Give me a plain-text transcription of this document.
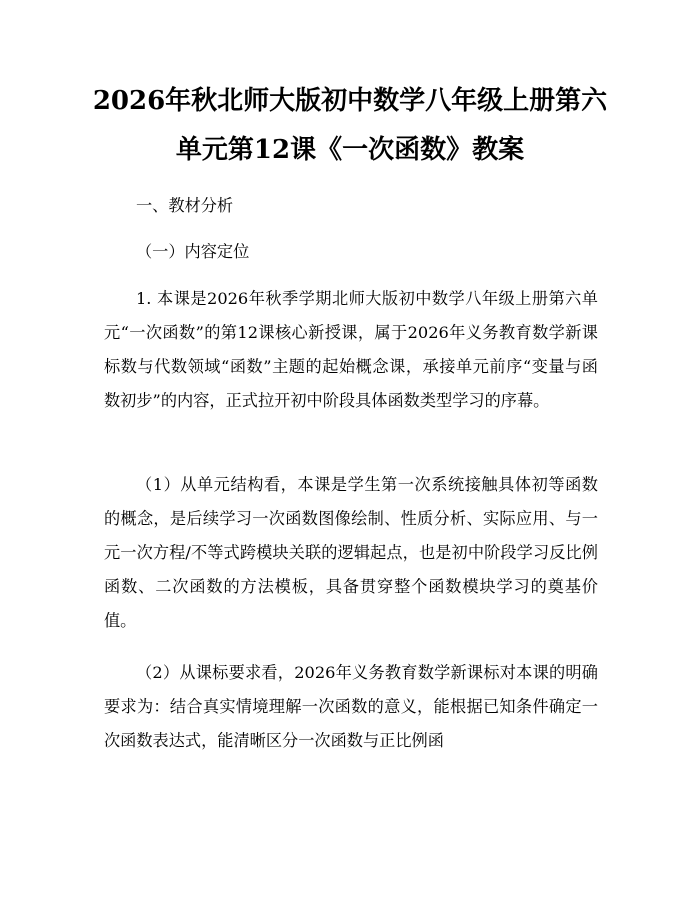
2026年秋北师大版初中数学八年级上册第六
单元第12课《一次函数》教案

一、教材分析

（一）内容定位

1. 本课是2026年秋季学期北师大版初中数学八年级上册第六单元“一次函数”的第12课核心新授课，属于2026年义务教育数学新课标数与代数领域“函数”主题的起始概念课，承接单元前序“变量与函数初步”的内容，正式拉开初中阶段具体函数类型学习的序幕。

（1）从单元结构看，本课是学生第一次系统接触具体初等函数的概念，是后续学习一次函数图像绘制、性质分析、实际应用、与一元一次方程/不等式跨模块关联的逻辑起点，也是初中阶段学习反比例函数、二次函数的方法模板，具备贯穿整个函数模块学习的奠基价值。

（2）从课标要求看，2026年义务教育数学新课标对本课的明确要求为：结合真实情境理解一次函数的意义，能根据已知条件确定一次函数表达式，能清晰区分一次函数与正比例函
